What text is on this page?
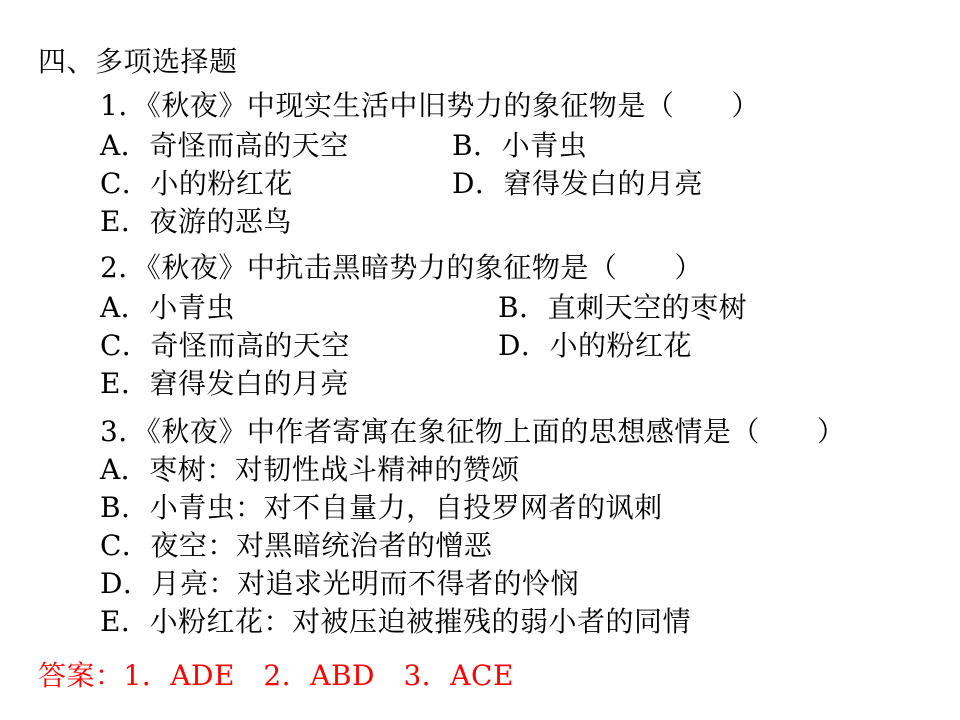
四、多项选择题
1．《秋夜》中现实生活中旧势力的象征物是（　　）
A．奇怪而高的天空	B．小青虫
C．小的粉红花	D．窘得发白的月亮
E．夜游的恶鸟
2．《秋夜》中抗击黑暗势力的象征物是（　　）
A．小青虫	B．直刺天空的枣树
C．奇怪而高的天空	D．小的粉红花
E．窘得发白的月亮
3．《秋夜》中作者寄寓在象征物上面的思想感情是（　　）
A．枣树：对韧性战斗精神的赞颂
B．小青虫：对不自量力，自投罗网者的讽刺
C．夜空：对黑暗统治者的憎恶
D．月亮：对追求光明而不得者的怜悯
E．小粉红花：对被压迫被摧残的弱小者的同情
答案：1．ADE　2．ABD　3．ACE
